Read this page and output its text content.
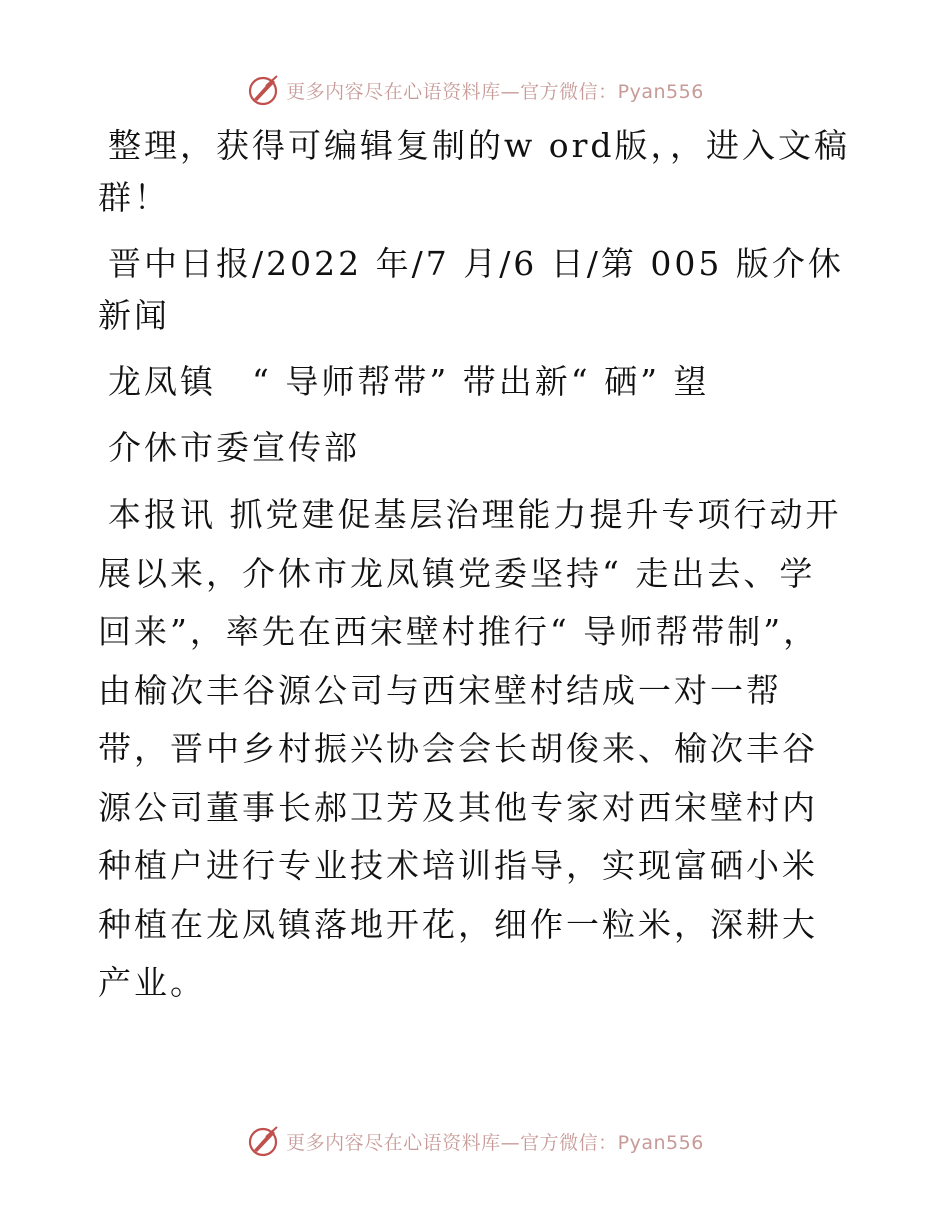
更多内容尽在心语资料库—官方微信：Pyan556

整理，获得可编辑复制的w ord版，，进入文稿群！

晋中日报/2022 年/7 月/6 日/第 005 版介休新闻

龙凤镇　“ 导师帮带” 带出新“ 硒” 望

介休市委宣传部

本报讯 抓党建促基层治理能力提升专项行动开展以来，介休市龙凤镇党委坚持“ 走出去、学回来”，率先在西宋壁村推行“ 导师帮带制”，由榆次丰谷源公司与西宋壁村结成一对一帮带，晋中乡村振兴协会会长胡俊来、榆次丰谷源公司董事长郝卫芳及其他专家对西宋壁村内种植户进行专业技术培训指导，实现富硒小米种植在龙凤镇落地开花，细作一粒米，深耕大产业。

更多内容尽在心语资料库—官方微信：Pyan556
